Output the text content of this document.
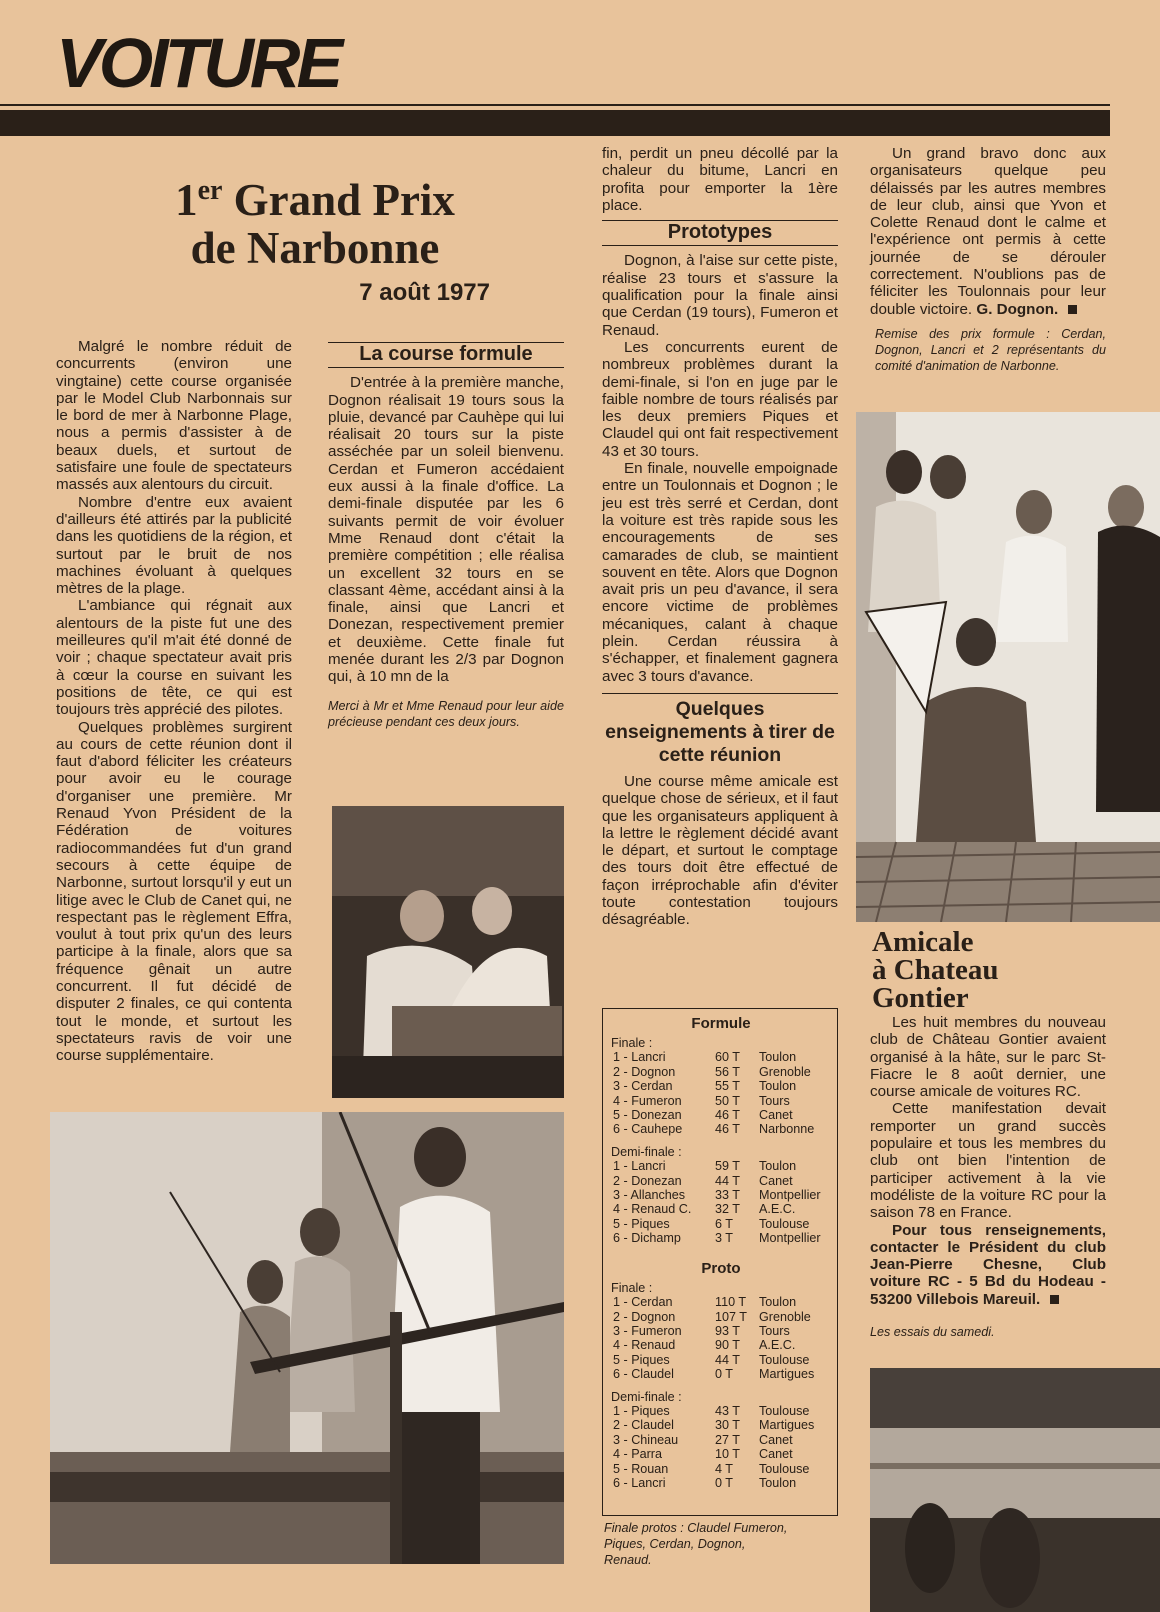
VOITURE
1er Grand Prix
de Narbonne
7 août 1977

Malgré le nombre réduit de concurrents (environ une vingtaine) cette course organisée par le Model Club Narbonnais sur le bord de mer à Narbonne Plage, nous a permis d'assister à de beaux duels, et surtout de satisfaire une foule de spectateurs massés aux alentours du circuit.

Nombre d'entre eux avaient d'ailleurs été attirés par la publicité dans les quotidiens de la région, et surtout par le bruit de nos machines évoluant à quelques mètres de la plage.

L'ambiance qui régnait aux alentours de la piste fut une des meilleures qu'il m'ait été donné de voir ; chaque spectateur avait pris à cœur la course en suivant les positions de tête, ce qui est toujours très apprécié des pilotes.

Quelques problèmes surgirent au cours de cette réunion dont il faut d'abord féliciter les créateurs pour avoir eu le courage d'organiser une première. Mr Renaud Yvon Président de la Fédération de voitures radiocommandées fut d'un grand secours à cette équipe de Narbonne, surtout lorsqu'il y eut un litige avec le Club de Canet qui, ne respectant pas le règlement Effra, voulut à tout prix qu'un des leurs participe à la finale, alors que sa fréquence gênait un autre concurrent. Il fut décidé de disputer 2 finales, ce qui contenta tout le monde, et surtout les spectateurs ravis de voir une course supplémentaire.

La course formule

D'entrée à la première manche, Dognon réalisait 19 tours sous la pluie, devancé par Cauhèpe qui lui réalisait 20 tours sur la piste asséchée par un soleil bienvenu. Cerdan et Fumeron accédaient eux aussi à la finale d'office. La demi-finale disputée par les 6 suivants permit de voir évoluer Mme Renaud dont c'était la première compétition ; elle réalisa un excellent 32 tours en se classant 4ème, accédant ainsi à la finale, ainsi que Lancri et Donezan, respectivement premier et deuxième. Cette finale fut menée durant les 2/3 par Dognon qui, à 10 mn de la

Merci à Mr et Mme Renaud pour leur aide précieuse pendant ces deux jours.

fin, perdit un pneu décollé par la chaleur du bitume, Lancri en profita pour emporter la 1ère place.

Prototypes

Dognon, à l'aise sur cette piste, réalise 23 tours et s'assure la qualification pour la finale ainsi que Cerdan (19 tours), Fumeron et Renaud.

Les concurrents eurent de nombreux problèmes durant la demi-finale, si l'on en juge par le faible nombre de tours réalisés par les deux premiers Piques et Claudel qui ont fait respectivement 43 et 30 tours.

En finale, nouvelle empoignade entre un Toulonnais et Dognon ; le jeu est très serré et Cerdan, dont la voiture est très rapide sous les encouragements de ses camarades de club, se maintient souvent en tête. Alors que Dognon avait pris un peu d'avance, il sera encore victime de problèmes mécaniques, calant à chaque plein. Cerdan réussira à s'échapper, et finalement gagnera avec 3 tours d'avance.

Quelques enseignements à tirer de cette réunion

Une course même amicale est quelque chose de sérieux, et il faut que les organisateurs appliquent à la lettre le règlement décidé avant le départ, et surtout le comptage des tours doit être effectué de façon irréprochable afin d'éviter toute contestation toujours désagréable.

Formule
Finale :
1 - Lancri	60 T	Toulon
2 - Dognon	56 T	Grenoble
3 - Cerdan	55 T	Toulon
4 - Fumeron	50 T	Tours
5 - Donezan	46 T	Canet
6 - Cauhepe	46 T	Narbonne
Demi-finale :
1 - Lancri	59 T	Toulon
2 - Donezan	44 T	Canet
3 - Allanches	33 T	Montpellier
4 - Renaud C.	32 T	A.E.C.
5 - Piques	6 T	Toulouse
6 - Dichamp	3 T	Montpellier
Proto
Finale :
1 - Cerdan	110 T	Toulon
2 - Dognon	107 T	Grenoble
3 - Fumeron	93 T	Tours
4 - Renaud	90 T	A.E.C.
5 - Piques	44 T	Toulouse
6 - Claudel	0 T	Martigues
Demi-finale :
1 - Piques	43 T	Toulouse
2 - Claudel	30 T	Martigues
3 - Chineau	27 T	Canet
4 - Parra	10 T	Canet
5 - Rouan	4 T	Toulouse
6 - Lancri	0 T	Toulon
Finale protos : Claudel Fumeron, Piques, Cerdan, Dognon, Renaud.

Un grand bravo donc aux organisateurs quelque peu délaissés par les autres membres de leur club, ainsi que Yvon et Colette Renaud dont le calme et l'expérience ont permis à cette journée de se dérouler correctement. N'oublions pas de féliciter les Toulonnais pour leur double victoire. G. Dognon.

Remise des prix formule : Cerdan, Dognon, Lancri et 2 représentants du comité d'animation de Narbonne.
Amicale
à Chateau
Gontier

Les huit membres du nouveau club de Château Gontier avaient organisé à la hâte, sur le parc St-Fiacre le 8 août dernier, une course amicale de voitures RC.

Cette manifestation devait remporter un grand succès populaire et tous les membres du club ont bien l'intention de participer activement à la vie modéliste de la voiture RC pour la saison 78 en France.

Pour tous renseignements, contacter le Président du club Jean-Pierre Chesne, Club voiture RC - 5 Bd du Hodeau - 53200 Villebois Mareuil.

Les essais du samedi.
